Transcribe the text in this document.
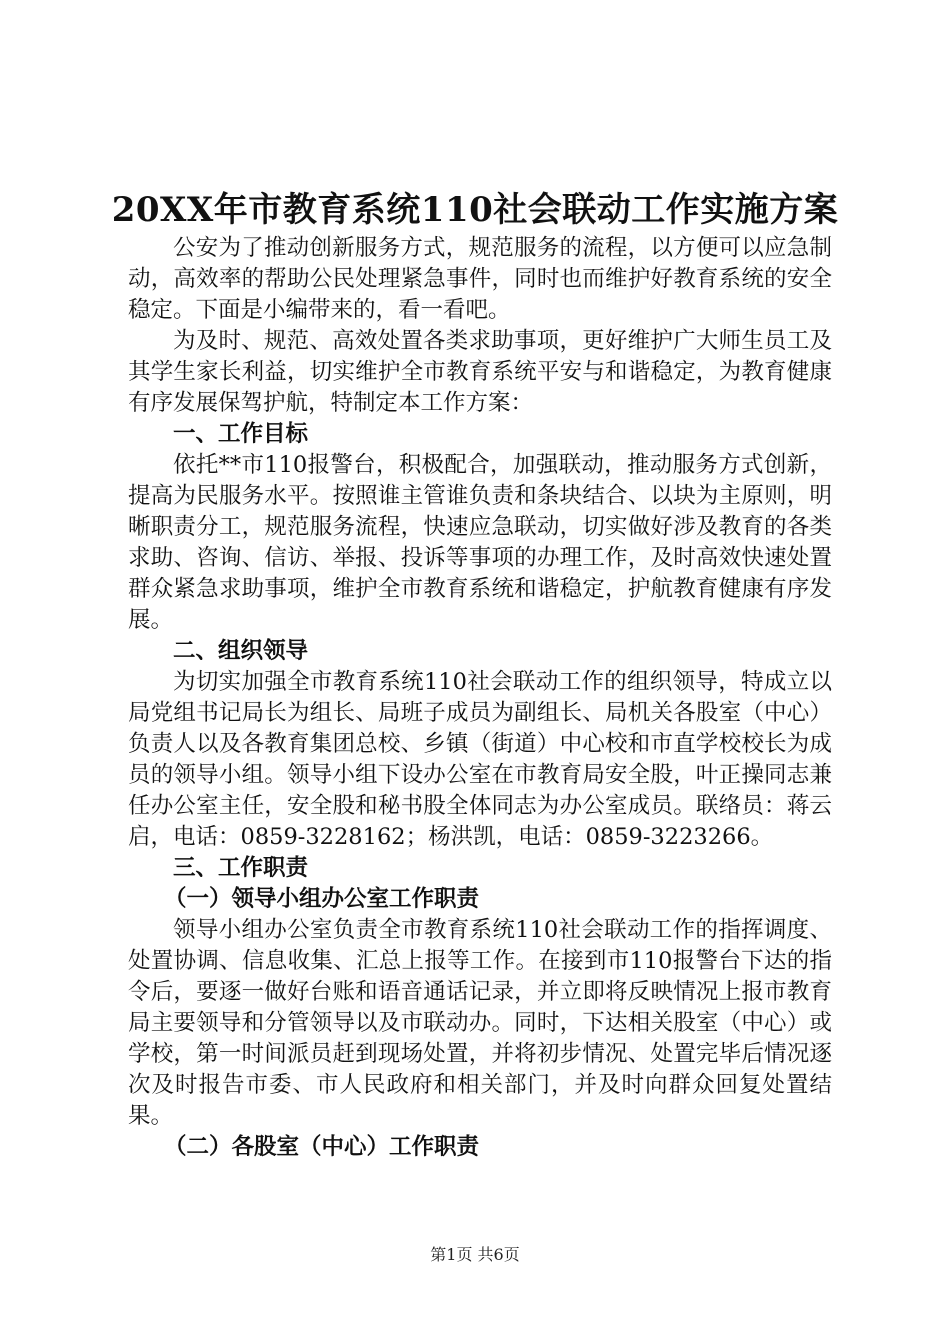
20XX年市教育系统110社会联动工作实施方案

公安为了推动创新服务方式，规范服务的流程，以方便可以应急制动，高效率的帮助公民处理紧急事件，同时也而维护好教育系统的安全稳定。下面是小编带来的，看一看吧。

为及时、规范、高效处置各类求助事项，更好维护广大师生员工及其学生家长利益，切实维护全市教育系统平安与和谐稳定，为教育健康有序发展保驾护航，特制定本工作方案：

一、工作目标

依托**市110报警台，积极配合，加强联动，推动服务方式创新，提高为民服务水平。按照谁主管谁负责和条块结合、以块为主原则，明晰职责分工，规范服务流程，快速应急联动，切实做好涉及教育的各类求助、咨询、信访、举报、投诉等事项的办理工作，及时高效快速处置群众紧急求助事项，维护全市教育系统和谐稳定，护航教育健康有序发展。

二、组织领导

为切实加强全市教育系统110社会联动工作的组织领导，特成立以局党组书记局长为组长、局班子成员为副组长、局机关各股室（中心）负责人以及各教育集团总校、乡镇（街道）中心校和市直学校校长为成员的领导小组。领导小组下设办公室在市教育局安全股，叶正操同志兼任办公室主任，安全股和秘书股全体同志为办公室成员。联络员：蒋云启，电话：0859-3228162；杨洪凯，电话：0859-3223266。

三、工作职责
（一）领导小组办公室工作职责

领导小组办公室负责全市教育系统110社会联动工作的指挥调度、处置协调、信息收集、汇总上报等工作。在接到市110报警台下达的指令后，要逐一做好台账和语音通话记录，并立即将反映情况上报市教育局主要领导和分管领导以及市联动办。同时，下达相关股室（中心）或学校，第一时间派员赶到现场处置，并将初步情况、处置完毕后情况逐次及时报告市委、市人民政府和相关部门，并及时向群众回复处置结果。

（二）各股室（中心）工作职责
第1页 共6页
